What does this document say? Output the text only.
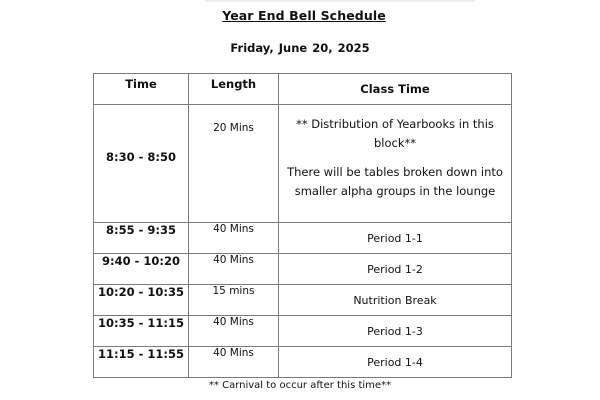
Year End Bell Schedule
Friday, June 20, 2025
Time	Length	Class Time
8:30 - 8:50	20 Mins	** Distribution of Yearbooks in this block**
There will be tables broken down into smaller alpha groups in the lounge

8:55 - 9:35	40 Mins	Period 1-1
9:40 - 10:20	40 Mins	Period 1-2
10:20 - 10:35	15 mins	Nutrition Break
10:35 - 11:15	40 Mins	Period 1-3
11:15 - 11:55	40 Mins	Period 1-4
** Carnival to occur after this time**
